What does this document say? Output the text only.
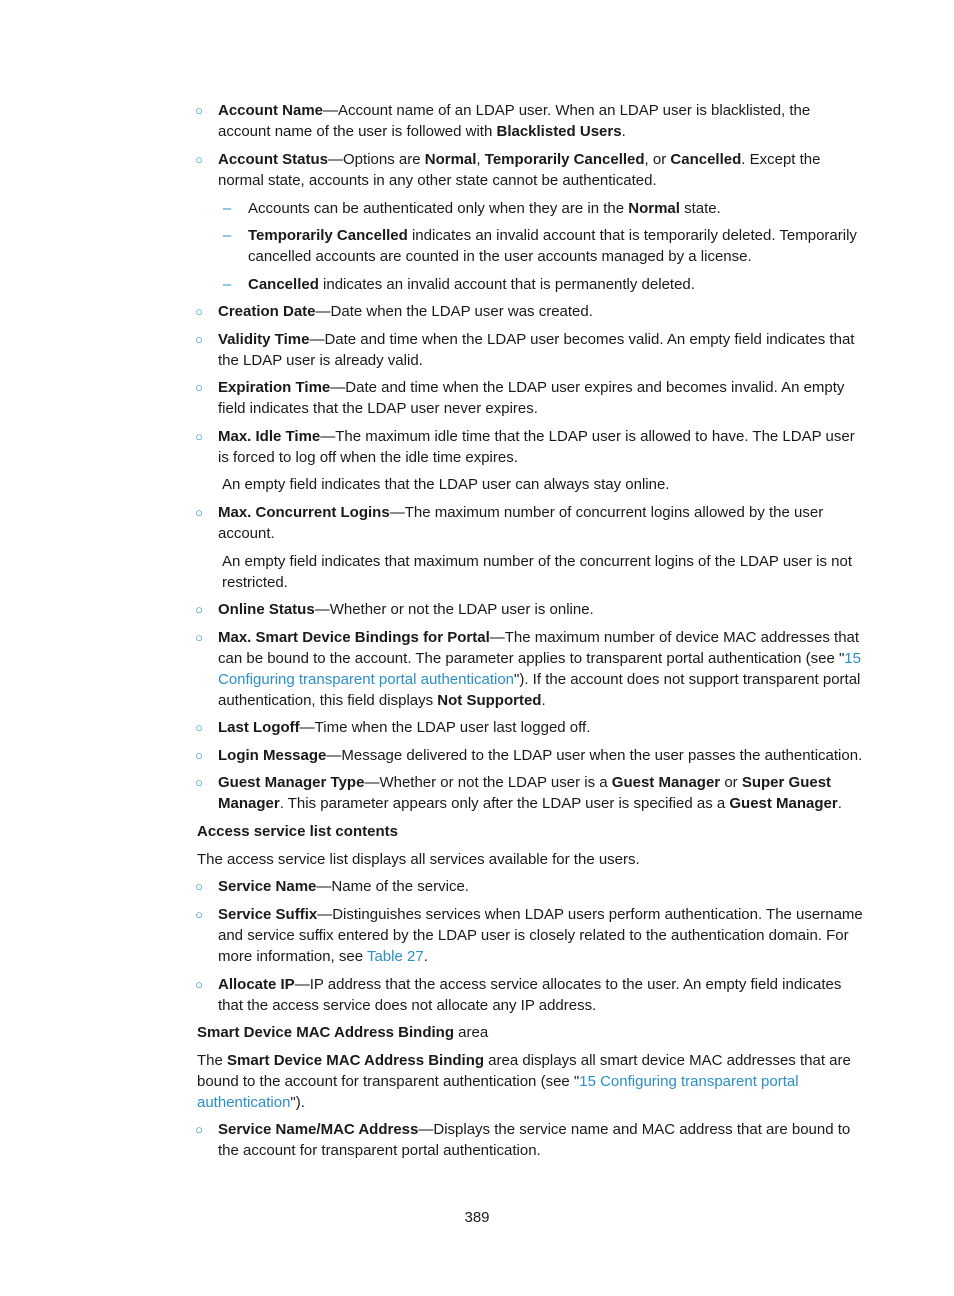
○ Account Name—Account name of an LDAP user. When an LDAP user is blacklisted, the account name of the user is followed with Blacklisted Users.
○ Account Status—Options are Normal, Temporarily Cancelled, or Cancelled. Except the normal state, accounts in any other state cannot be authenticated.
– Accounts can be authenticated only when they are in the Normal state.
– Temporarily Cancelled indicates an invalid account that is temporarily deleted. Temporarily cancelled accounts are counted in the user accounts managed by a license.
– Cancelled indicates an invalid account that is permanently deleted.
○ Creation Date—Date when the LDAP user was created.
○ Validity Time—Date and time when the LDAP user becomes valid. An empty field indicates that the LDAP user is already valid.
○ Expiration Time—Date and time when the LDAP user expires and becomes invalid. An empty field indicates that the LDAP user never expires.
○ Max. Idle Time—The maximum idle time that the LDAP user is allowed to have. The LDAP user is forced to log off when the idle time expires.
An empty field indicates that the LDAP user can always stay online.
○ Max. Concurrent Logins—The maximum number of concurrent logins allowed by the user account.
An empty field indicates that maximum number of the concurrent logins of the LDAP user is not restricted.
○ Online Status—Whether or not the LDAP user is online.
○ Max. Smart Device Bindings for Portal—The maximum number of device MAC addresses that can be bound to the account. The parameter applies to transparent portal authentication (see "15 Configuring transparent portal authentication"). If the account does not support transparent portal authentication, this field displays Not Supported.
○ Last Logoff—Time when the LDAP user last logged off.
○ Login Message—Message delivered to the LDAP user when the user passes the authentication.
○ Guest Manager Type—Whether or not the LDAP user is a Guest Manager or Super Guest Manager. This parameter appears only after the LDAP user is specified as a Guest Manager.
Access service list contents
The access service list displays all services available for the users.
○ Service Name—Name of the service.
○ Service Suffix—Distinguishes services when LDAP users perform authentication. The username and service suffix entered by the LDAP user is closely related to the authentication domain. For more information, see Table 27.
○ Allocate IP—IP address that the access service allocates to the user. An empty field indicates that the access service does not allocate any IP address.
Smart Device MAC Address Binding area
The Smart Device MAC Address Binding area displays all smart device MAC addresses that are bound to the account for transparent authentication (see "15 Configuring transparent portal authentication").
○ Service Name/MAC Address—Displays the service name and MAC address that are bound to the account for transparent portal authentication.
389
